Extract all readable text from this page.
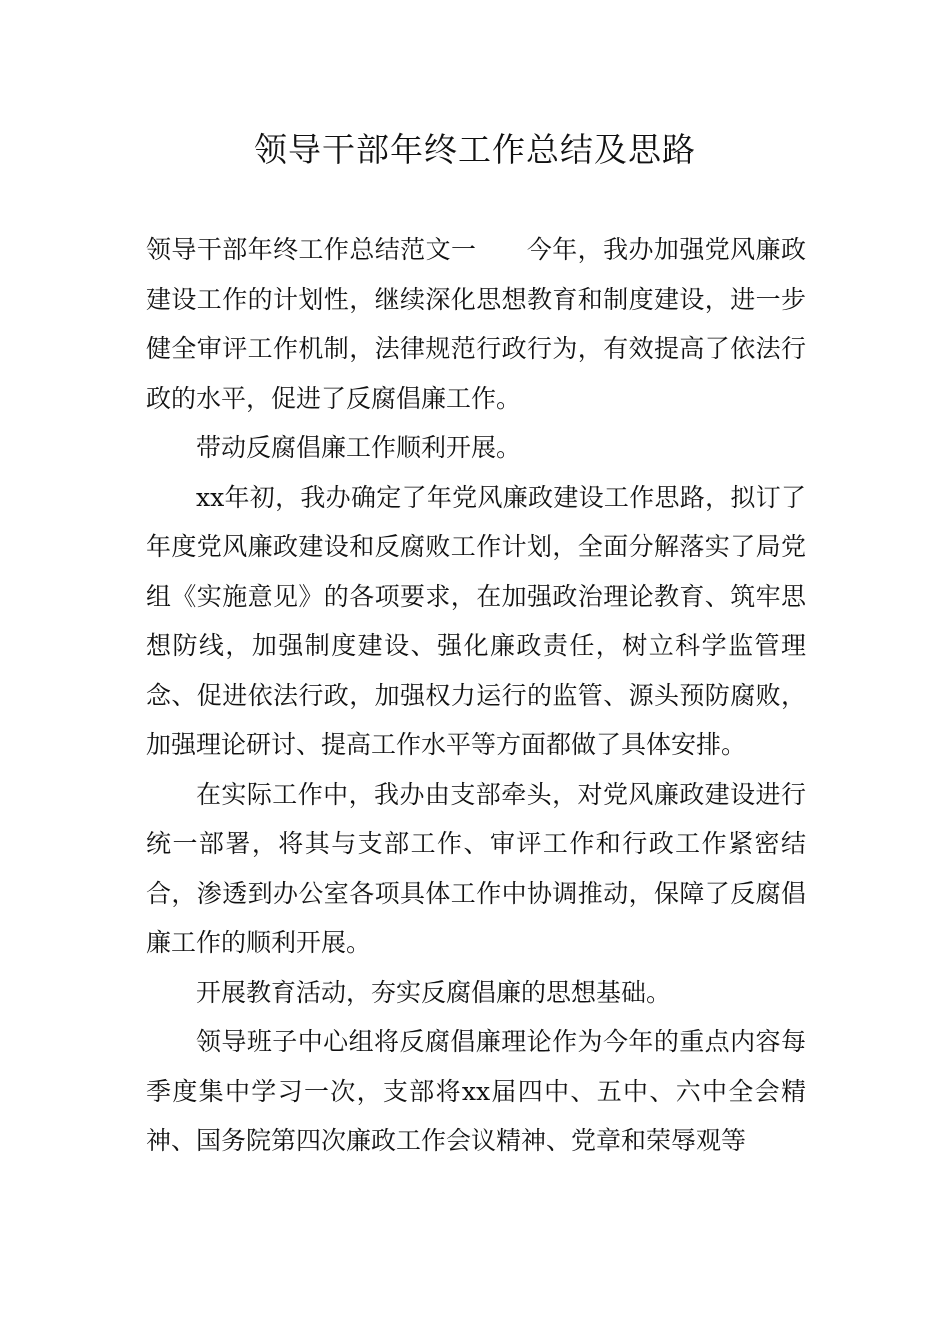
领导干部年终工作总结及思路

领导干部年终工作总结范文一 今年，我办加强党风廉政建设工作的计划性，继续深化思想教育和制度建设，进一步健全审评工作机制，法律规范行政行为，有效提高了依法行政的水平，促进了反腐倡廉工作。

带动反腐倡廉工作顺利开展。

xx年初，我办确定了年党风廉政建设工作思路，拟订了年度党风廉政建设和反腐败工作计划，全面分解落实了局党组《实施意见》的各项要求，在加强政治理论教育、筑牢思想防线，加强制度建设、强化廉政责任，树立科学监管理念、促进依法行政，加强权力运行的监管、源头预防腐败，加强理论研讨、提高工作水平等方面都做了具体安排。

在实际工作中，我办由支部牵头，对党风廉政建设进行统一部署，将其与支部工作、审评工作和行政工作紧密结合，渗透到办公室各项具体工作中协调推动，保障了反腐倡廉工作的顺利开展。

开展教育活动，夯实反腐倡廉的思想基础。

领导班子中心组将反腐倡廉理论作为今年的重点内容每季度集中学习一次，支部将xx届四中、五中、六中全会精神、国务院第四次廉政工作会议精神、党章和荣辱观等
